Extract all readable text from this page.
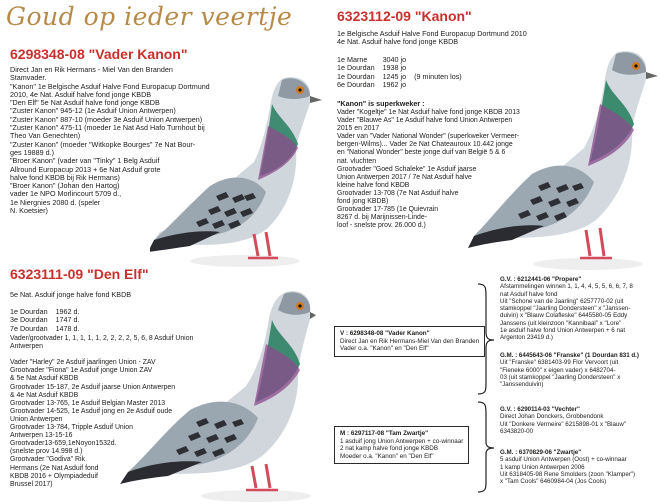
Goud op ieder veertje
6298348-08 "Vader Kanon"
Direct Jan en Rik Hermans - Miel Van den Branden
Stamvader.
"Kanon" 1e Belgische Asduif Halve Fond Europacup Dortmund
2010, 4e Nat. Asduif halve fond jonge KBDB
"Den Elf" 5e Nat Asduif halve fond jonge KBDB
"Zuster Kanon" 945-12 (1e Asduif Union Antwerpen)
"Zuster Kanon" 887-10 (moeder 3e Asduif Union Antwerpen)
"Zuster Kanon" 475-11 (moeder 1e Nat Asd Hafo Turnhout bij
Theo Van Genechten)
"Zuster Kanon" (moeder "Witkopke Bourges" 7e Nat Bour-
ges 19889 d.)
"Broer Kanon" (vader van "Tinky" 1 Belg Asduif
Allround Europacup 2013 + 6e Nat Asduif grote
halve fond KBDB bij Rik Hermans)
"Broer Kanon" (Johan den Hartog)
vader 1e NPO Morlincourt 5709 d.,
1e Niergnies 2080 d. (speler
N. Koetsier)
6323112-09 "Kanon"
1e Belgische Asduif Halve Fond Europacup Dortmund 2010
4e Nat. Asduif halve fond jonge KBDB
1e Marne	3040 jo	
1e Dourdan	1938 jo	
1e Dourdan	1245 jo	(9 minuten los)
6e Dourdan	1962 jo	
"Kanon" is superkweker :
Vader "Kogeltje" 1e Nat Asduif halve fond jonge KBDB 2013
Vader "Blauwe As" 1e Asduif halve fond Union Antwerpen
2015 en 2017
Vader van "Vader National Wonder" (superkweker Vermeer-
bergen-Wilms)... Vader 2e Nat Chateauroux 10.442 jonge
en "National Wonder" beste jonge duif van België 5 & 6
nat. vluchten
Grootvader "Goed Schaleke" 1e Asduif jaarse
Union Antwerpen 2017 / 7e Nat Asduif halve
kleine halve fond KBDB
Grootvader 13-708 (7e Nat Asduif halve
fond jong KBDB)
Grootvader 17-785 (1e Quievrain
8267 d. bij Marijnissen-Linde-
loof - snelste prov. 26.000 d.)
6323111-09 "Den Elf"
5e Nat. Asduif jonge halve fond KBDB
1e Dourdan	1962 d.
3e Dourdan	1747 d.
7e Dourdan	1478 d.
Vader/grootvader 1, 1, 1, 1, 1, 2, 2, 2, 2, 5, 6, 8 Asduif Union
Antwerpen

Vader "Harley" 2e Asduif jaarlingen Union - ZAV
Grootvader "Fiona" 1e Asduif jonge Union ZAV
& 5e Nat Asduif KBDB
Grootvader 15-187, 2e Asduif jaarse Union Antwerpen
& 4e Nat Asduif KBDB
Grootvader 13-765, 1e Asduif Belgian Master 2013
Grootvader 14-525, 1e Asduif jong en 2e Asduif oude
Union Antwerpen
Grootvader 13-784, Tripple Asduif Union
Antwerpen 13-15-16
Grootvader13-659,1eNoyon1532d.
(snelste prov 14.998 d.)
Grootvader "Godiva" Rik
Hermans (2e Nat Asduif fond
KBDB 2016 + Olympiadeduif
Brussel 2017)
V : 6298348-08 "Vader Kanon"
Direct Jan en Rik Hermans-Miel Van den Branden
Vader o.a. "Kanon" en "Den Elf"
M : 6297117-08 "Tam Zwartje"
1 asduif jong Union Antwerpen + co-winnaar
2 nat kamp halve fond jonge KBDB
Moeder o.a. "Kanon" en "Den Elf"
G.V. : 6212441-06 "Propere"
Afstammelingen winnen 1, 1, 4, 4, 5, 5, 6, 6, 7, 8
nat Asduif halve fond
Uit "Schone van de Jaarling" 6257770-02 (uit
stamkoppel "Jaarling Dondersteen" x "Janssen-
duivin) x "Blauw Colafleske" 6445580-05 Eddy
Janssens (uit kleinzoon "Kannibaal" x "Lore"
1e asduif halve fond Union Antwerpen + 6 nat
Argenton 23419 d.)
G.M. : 6445643-06 "Franske" (1 Dourdan 831 d.)
Uit "Franske" 6381403-99 Flor Vervoort (uit
"Fieneke 6000" x eigen vader) x 6482704-
03 (uit stamkoppel "Jaarling Dondersteen" x
"Janssenduivin)
G.V. : 6290114-03 "Vechter"
Direct Johan Donckers, Grobbendonk
Uit "Donkere Vermeire" 6215898-01 x "Blauw"
6343820-00
G.M. : 6370829-06 "Zwartje"
5 asduif Union Antwerpen (Oost) + co-winnaar
1 kamp Union Antwerpen 2006
Uit 6318405-98 Rene Smolders (zoon "Klamper")
x "Tam Cools" 6460984-04 (Jos Cools)
